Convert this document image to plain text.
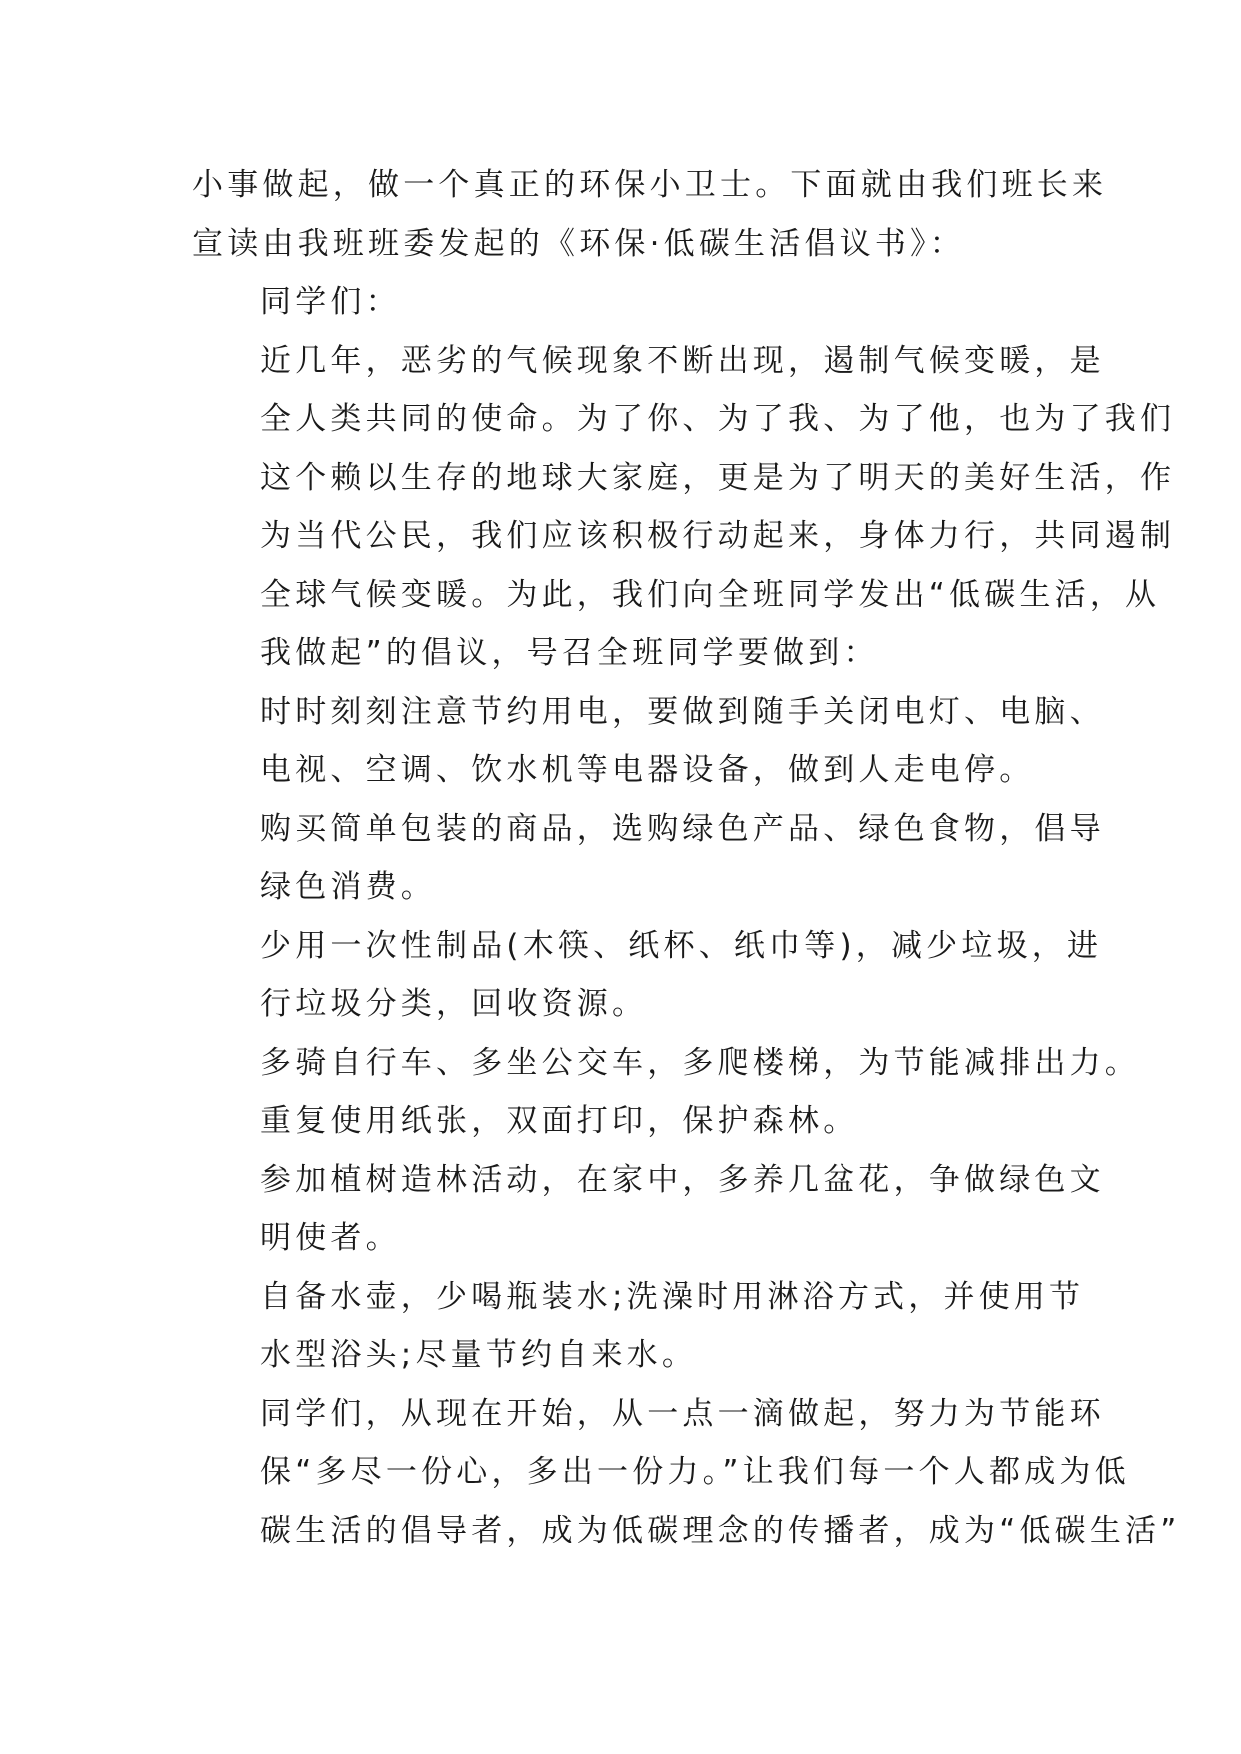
小事做起，做一个真正的环保小卫士。下面就由我们班长来
宣读由我班班委发起的《环保·低碳生活倡议书》：

同学们：

近几年，恶劣的气候现象不断出现，遏制气候变暖，是
全人类共同的使命。为了你、为了我、为了他，也为了我们
这个赖以生存的地球大家庭，更是为了明天的美好生活，作
为当代公民，我们应该积极行动起来，身体力行，共同遏制
全球气候变暖。为此，我们向全班同学发出“低碳生活，从
我做起”的倡议，号召全班同学要做到：

时时刻刻注意节约用电，要做到随手关闭电灯、电脑、
电视、空调、饮水机等电器设备，做到人走电停。

购买简单包装的商品，选购绿色产品、绿色食物，倡导
绿色消费。

少用一次性制品(木筷、纸杯、纸巾等)，减少垃圾，进
行垃圾分类，回收资源。

多骑自行车、多坐公交车，多爬楼梯，为节能减排出力。

重复使用纸张，双面打印，保护森林。

参加植树造林活动，在家中，多养几盆花，争做绿色文
明使者。

自备水壶，少喝瓶装水;洗澡时用淋浴方式，并使用节
水型浴头;尽量节约自来水。

同学们，从现在开始，从一点一滴做起，努力为节能环
保“多尽一份心，多出一份力。”让我们每一个人都成为低
碳生活的倡导者，成为低碳理念的传播者，成为“低碳生活”
